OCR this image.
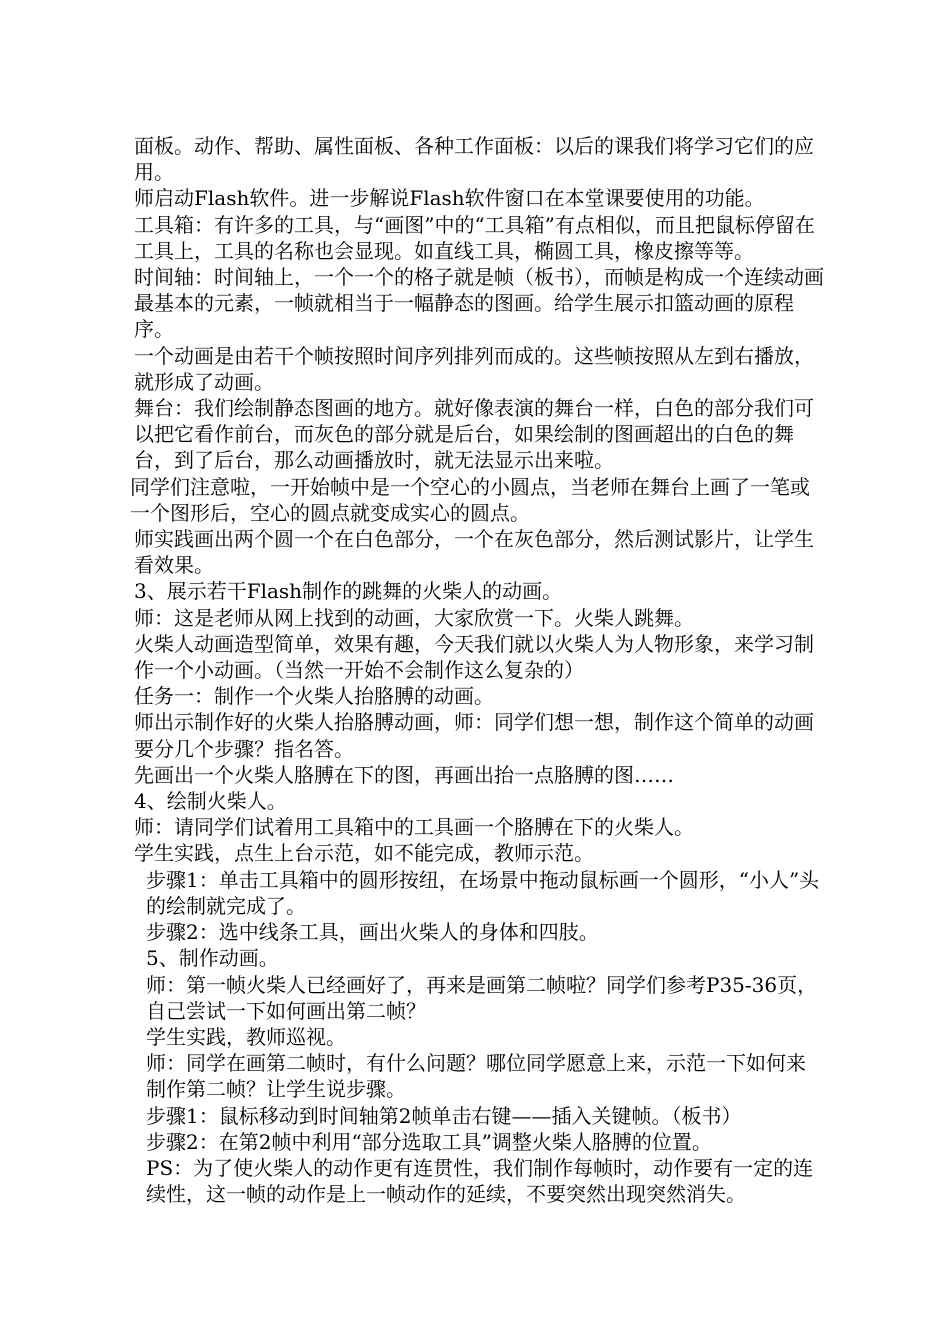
面板。动作、帮助、属性面板、各种工作面板：以后的课我们将学习它们的应用。

师启动Flash软件。进一步解说Flash软件窗口在本堂课要使用的功能。

工具箱：有许多的工具，与“画图”中的“工具箱”有点相似，而且把鼠标停留在工具上，工具的名称也会显现。如直线工具，椭圆工具，橡皮擦等等。

时间轴：时间轴上，一个一个的格子就是帧（板书），而帧是构成一个连续动画最基本的元素，一帧就相当于一幅静态的图画。给学生展示扣篮动画的原程序。

一个动画是由若干个帧按照时间序列排列而成的。这些帧按照从左到右播放，就形成了动画。

舞台：我们绘制静态图画的地方。就好像表演的舞台一样，白色的部分我们可以把它看作前台，而灰色的部分就是后台，如果绘制的图画超出的白色的舞台，到了后台，那么动画播放时，就无法显示出来啦。

同学们注意啦，一开始帧中是一个空心的小圆点，当老师在舞台上画了一笔或一个图形后，空心的圆点就变成实心的圆点。

师实践画出两个圆一个在白色部分，一个在灰色部分，然后测试影片，让学生看效果。

3、展示若干Flash制作的跳舞的火柴人的动画。

师：这是老师从网上找到的动画，大家欣赏一下。火柴人跳舞。

火柴人动画造型简单，效果有趣，今天我们就以火柴人为人物形象，来学习制作一个小动画。（当然一开始不会制作这么复杂的）

任务一：制作一个火柴人抬胳膊的动画。

师出示制作好的火柴人抬胳膊动画，师：同学们想一想，制作这个简单的动画要分几个步骤？指名答。

先画出一个火柴人胳膊在下的图，再画出抬一点胳膊的图……

4、绘制火柴人。

师：请同学们试着用工具箱中的工具画一个胳膊在下的火柴人。

学生实践，点生上台示范，如不能完成，教师示范。

步骤1：单击工具箱中的圆形按纽，在场景中拖动鼠标画一个圆形，“小人”头的绘制就完成了。

步骤2：选中线条工具，画出火柴人的身体和四肢。

5、制作动画。

师：第一帧火柴人已经画好了，再来是画第二帧啦？同学们参考P35-36页，自己尝试一下如何画出第二帧？

学生实践，教师巡视。

师：同学在画第二帧时，有什么问题？哪位同学愿意上来，示范一下如何来制作第二帧？让学生说步骤。

步骤1：鼠标移动到时间轴第2帧单击右键——插入关键帧。（板书）

步骤2：在第2帧中利用“部分选取工具”调整火柴人胳膊的位置。

PS：为了使火柴人的动作更有连贯性，我们制作每帧时，动作要有一定的连续性，这一帧的动作是上一帧动作的延续，不要突然出现突然消失。
